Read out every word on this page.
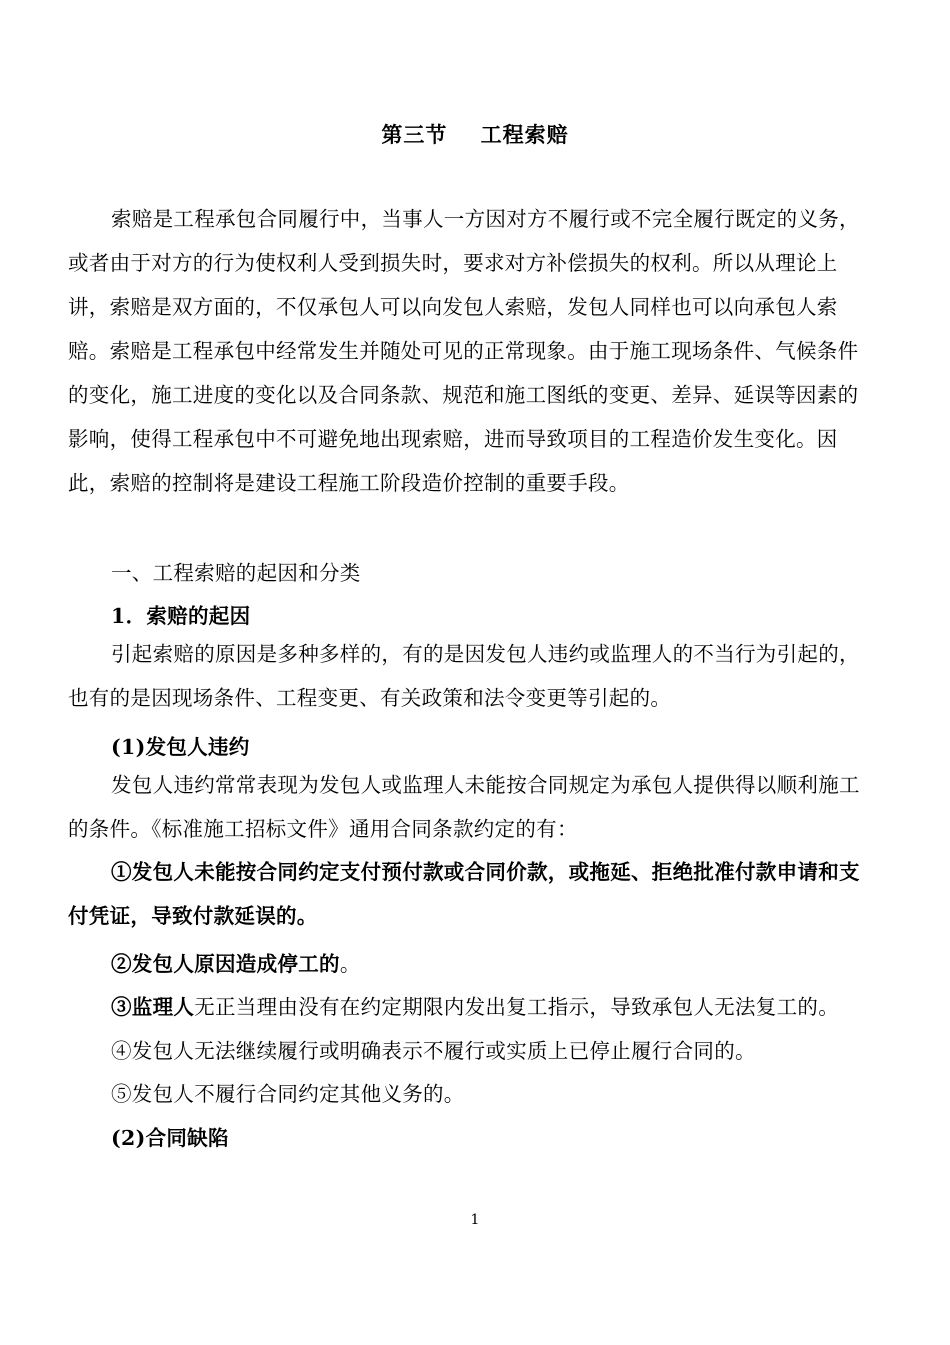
第三节    工程索赔

索赔是工程承包合同履行中，当事人一方因对方不履行或不完全履行既定的义务，或者由于对方的行为使权利人受到损失时，要求对方补偿损失的权利。所以从理论上讲，索赔是双方面的，不仅承包人可以向发包人索赔，发包人同样也可以向承包人索赔。索赔是工程承包中经常发生并随处可见的正常现象。由于施工现场条件、气候条件的变化，施工进度的变化以及合同条款、规范和施工图纸的变更、差异、延误等因素的影响，使得工程承包中不可避免地出现索赔，进而导致项目的工程造价发生变化。因此，索赔的控制将是建设工程施工阶段造价控制的重要手段。

一、工程索赔的起因和分类
1．索赔的起因

引起索赔的原因是多种多样的，有的是因发包人违约或监理人的不当行为引起的，也有的是因现场条件、工程变更、有关政策和法令变更等引起的。

(1)发包人违约

发包人违约常常表现为发包人或监理人未能按合同规定为承包人提供得以顺利施工的条件。《标准施工招标文件》通用合同条款约定的有：

①发包人未能按合同约定支付预付款或合同价款，或拖延、拒绝批准付款申请和支付凭证，导致付款延误的。

②发包人原因造成停工的。
③监理人无正当理由没有在约定期限内发出复工指示，导致承包人无法复工的。
④发包人无法继续履行或明确表示不履行或实质上已停止履行合同的。
⑤发包人不履行合同约定其他义务的。
(2)合同缺陷
1
